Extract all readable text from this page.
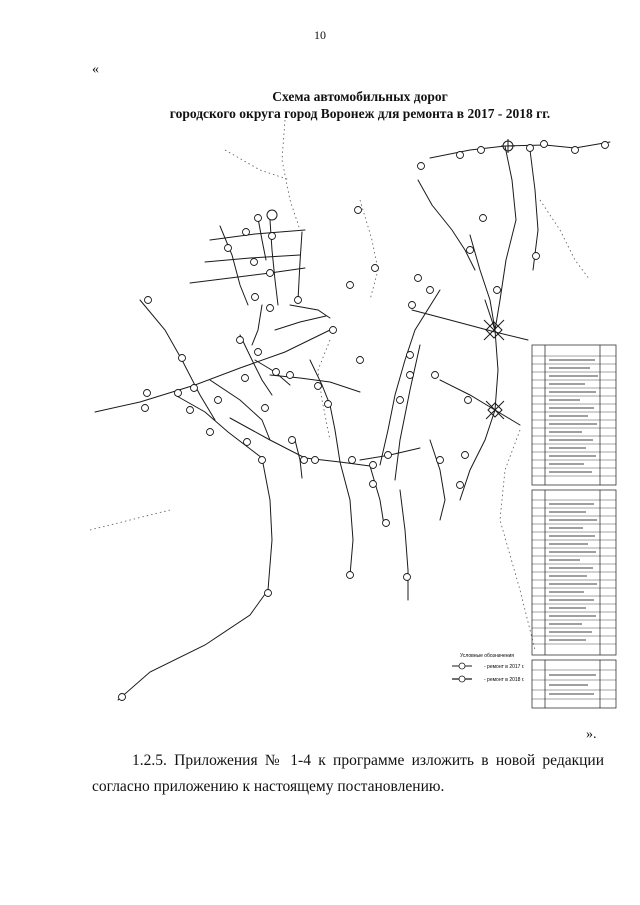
10
«
Схема автомобильных дорог
городского округа город Воронеж для ремонта в 2017 - 2018 гг.
Условные обозначения
- ремонт в 2017 г.
- ремонт в 2018 г.
».
1.2.5. Приложения № 1-4 к программе изложить в новой редакции согласно приложению к настоящему постановлению.
